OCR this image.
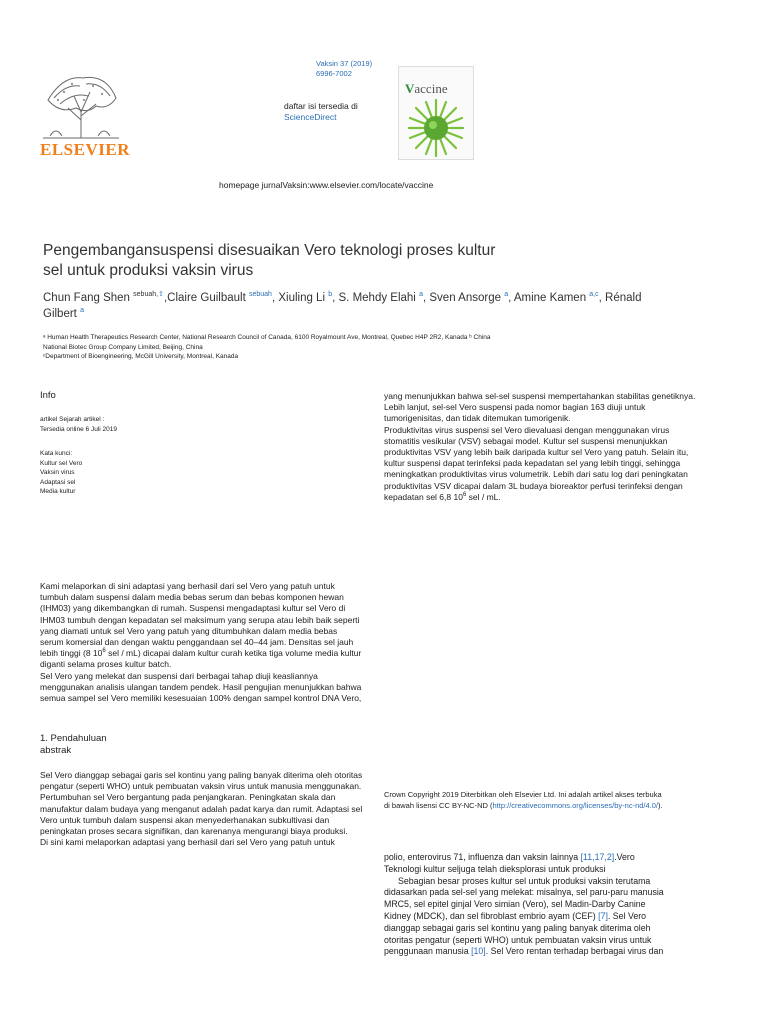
ELSEVIER
Vaksin 37 (2019)
6996-7002
daftar isi tersedia di
ScienceDirect
Vaccine
homepage jurnalVaksin:www.elsevier.com/locate/vaccine
Pengembangansuspensi disesuaikan Vero teknologi proses kultur
sel untuk produksi vaksin virus
Chun Fang Shen $^{sebuah,⇧}$,Claire Guilbault $^{sebuah}$, Xiuling Li $^b$, S. Mehdy Elahi $^a$, Sven Ansorge $^a$, Amine Kamen $^{a,c}$, Rénald Gilbert $^a$
ᵃ Human Health Therapeutics Research Center, National Research Council of Canada, 6100 Royalmount Ave, Montreal, Quebec H4P 2R2, Kanada ᵇ China
National Biotec Group Company Limited, Beijing, China
ᶜDepartment of Bioengineering, McGill University, Montreal, Kanada
Info
artikel Sejarah artikel :
Tersedia online 6 Juli 2019
Kata kunci:
Kultur sel Vero
Vaksin virus
Adaptasi sel
Media kultur
yang menunjukkan bahwa sel-sel suspensi mempertahankan stabilitas genetiknya.
Lebih lanjut, sel-sel Vero suspensi pada nomor bagian 163 diuji untuk
tumorigenisitas, dan tidak ditemukan tumorigenik.
Produktivitas virus suspensi sel Vero dievaluasi dengan menggunakan virus
stomatitis vesikular (VSV) sebagai model. Kultur sel suspensi menunjukkan
produktivitas VSV yang lebih baik daripada kultur sel Vero yang patuh. Selain itu,
kultur suspensi dapat terinfeksi pada kepadatan sel yang lebih tinggi, sehingga
meningkatkan produktivitas virus volumetrik. Lebih dari satu log dari peningkatan
produktivitas VSV dicapai dalam 3L budaya bioreaktor perfusi terinfeksi dengan
kepadatan sel 6,8 $10^6$ sel / mL.
Kami melaporkan di sini adaptasi yang berhasil dari sel Vero yang patuh untuk
tumbuh dalam suspensi dalam media bebas serum dan bebas komponen hewan
(IHM03) yang dikembangkan di rumah. Suspensi mengadaptasi kultur sel Vero di
IHM03 tumbuh dengan kepadatan sel maksimum yang serupa atau lebih baik seperti
yang diamati untuk sel Vero yang patuh yang ditumbuhkan dalam media bebas
serum komersial dan dengan waktu penggandaan sel 40–44 jam. Densitas sel jauh
lebih tinggi (8 $10^6$ sel / mL) dicapai dalam kultur curah ketika tiga volume media kultur
diganti selama proses kultur batch.
Sel Vero yang melekat dan suspensi dari berbagai tahap diuji keasliannya
menggunakan analisis ulangan tandem pendek. Hasil pengujian menunjukkan bahwa
semua sampel sel Vero memiliki kesesuaian 100% dengan sampel kontrol DNA Vero,
Sel Vero dianggap sebagai garis sel kontinu yang paling banyak diterima oleh otoritas
pengatur (seperti WHO) untuk pembuatan vaksin virus untuk manusia menggunakan.
Pertumbuhan sel Vero bergantung pada penjangkaran. Peningkatan skala dan
manufaktur dalam budaya yang menganut adalah padat karya dan rumit. Adaptasi sel
Vero untuk tumbuh dalam suspensi akan menyederhanakan subkultivasi dan
peningkatan proses secara signifikan, dan karenanya mengurangi biaya produksi.
Di sini kami melaporkan adaptasi yang berhasil dari sel Vero yang patuh untuk
1. Pendahuluan
abstrak
Crown Copyright 2019 Diterbitkan oleh Elsevier Ltd. Ini adalah artikel akses terbuka
di bawah lisensi CC BY-NC-ND (http://creativecommons.org/licenses/by-nc-nd/4.0/).
polio, enterovirus 71, influenza dan vaksin lainnya [11,17,2].Vero
Teknologi kultur seljuga telah dieksplorasi untuk produksi
Sebagian besar proses kultur sel untuk produksi vaksin terutama
didasarkan pada sel-sel yang melekat: misalnya, sel paru-paru manusia
MRC5, sel epitel ginjal Vero simian (Vero), sel Madin-Darby Canine
Kidney (MDCK), dan sel fibroblast embrio ayam (CEF) [7]. Sel Vero
dianggap sebagai garis sel kontinu yang paling banyak diterima oleh
otoritas pengatur (seperti WHO) untuk pembuatan vaksin virus untuk
penggunaan manusia [10]. Sel Vero rentan terhadap berbagai virus dan
